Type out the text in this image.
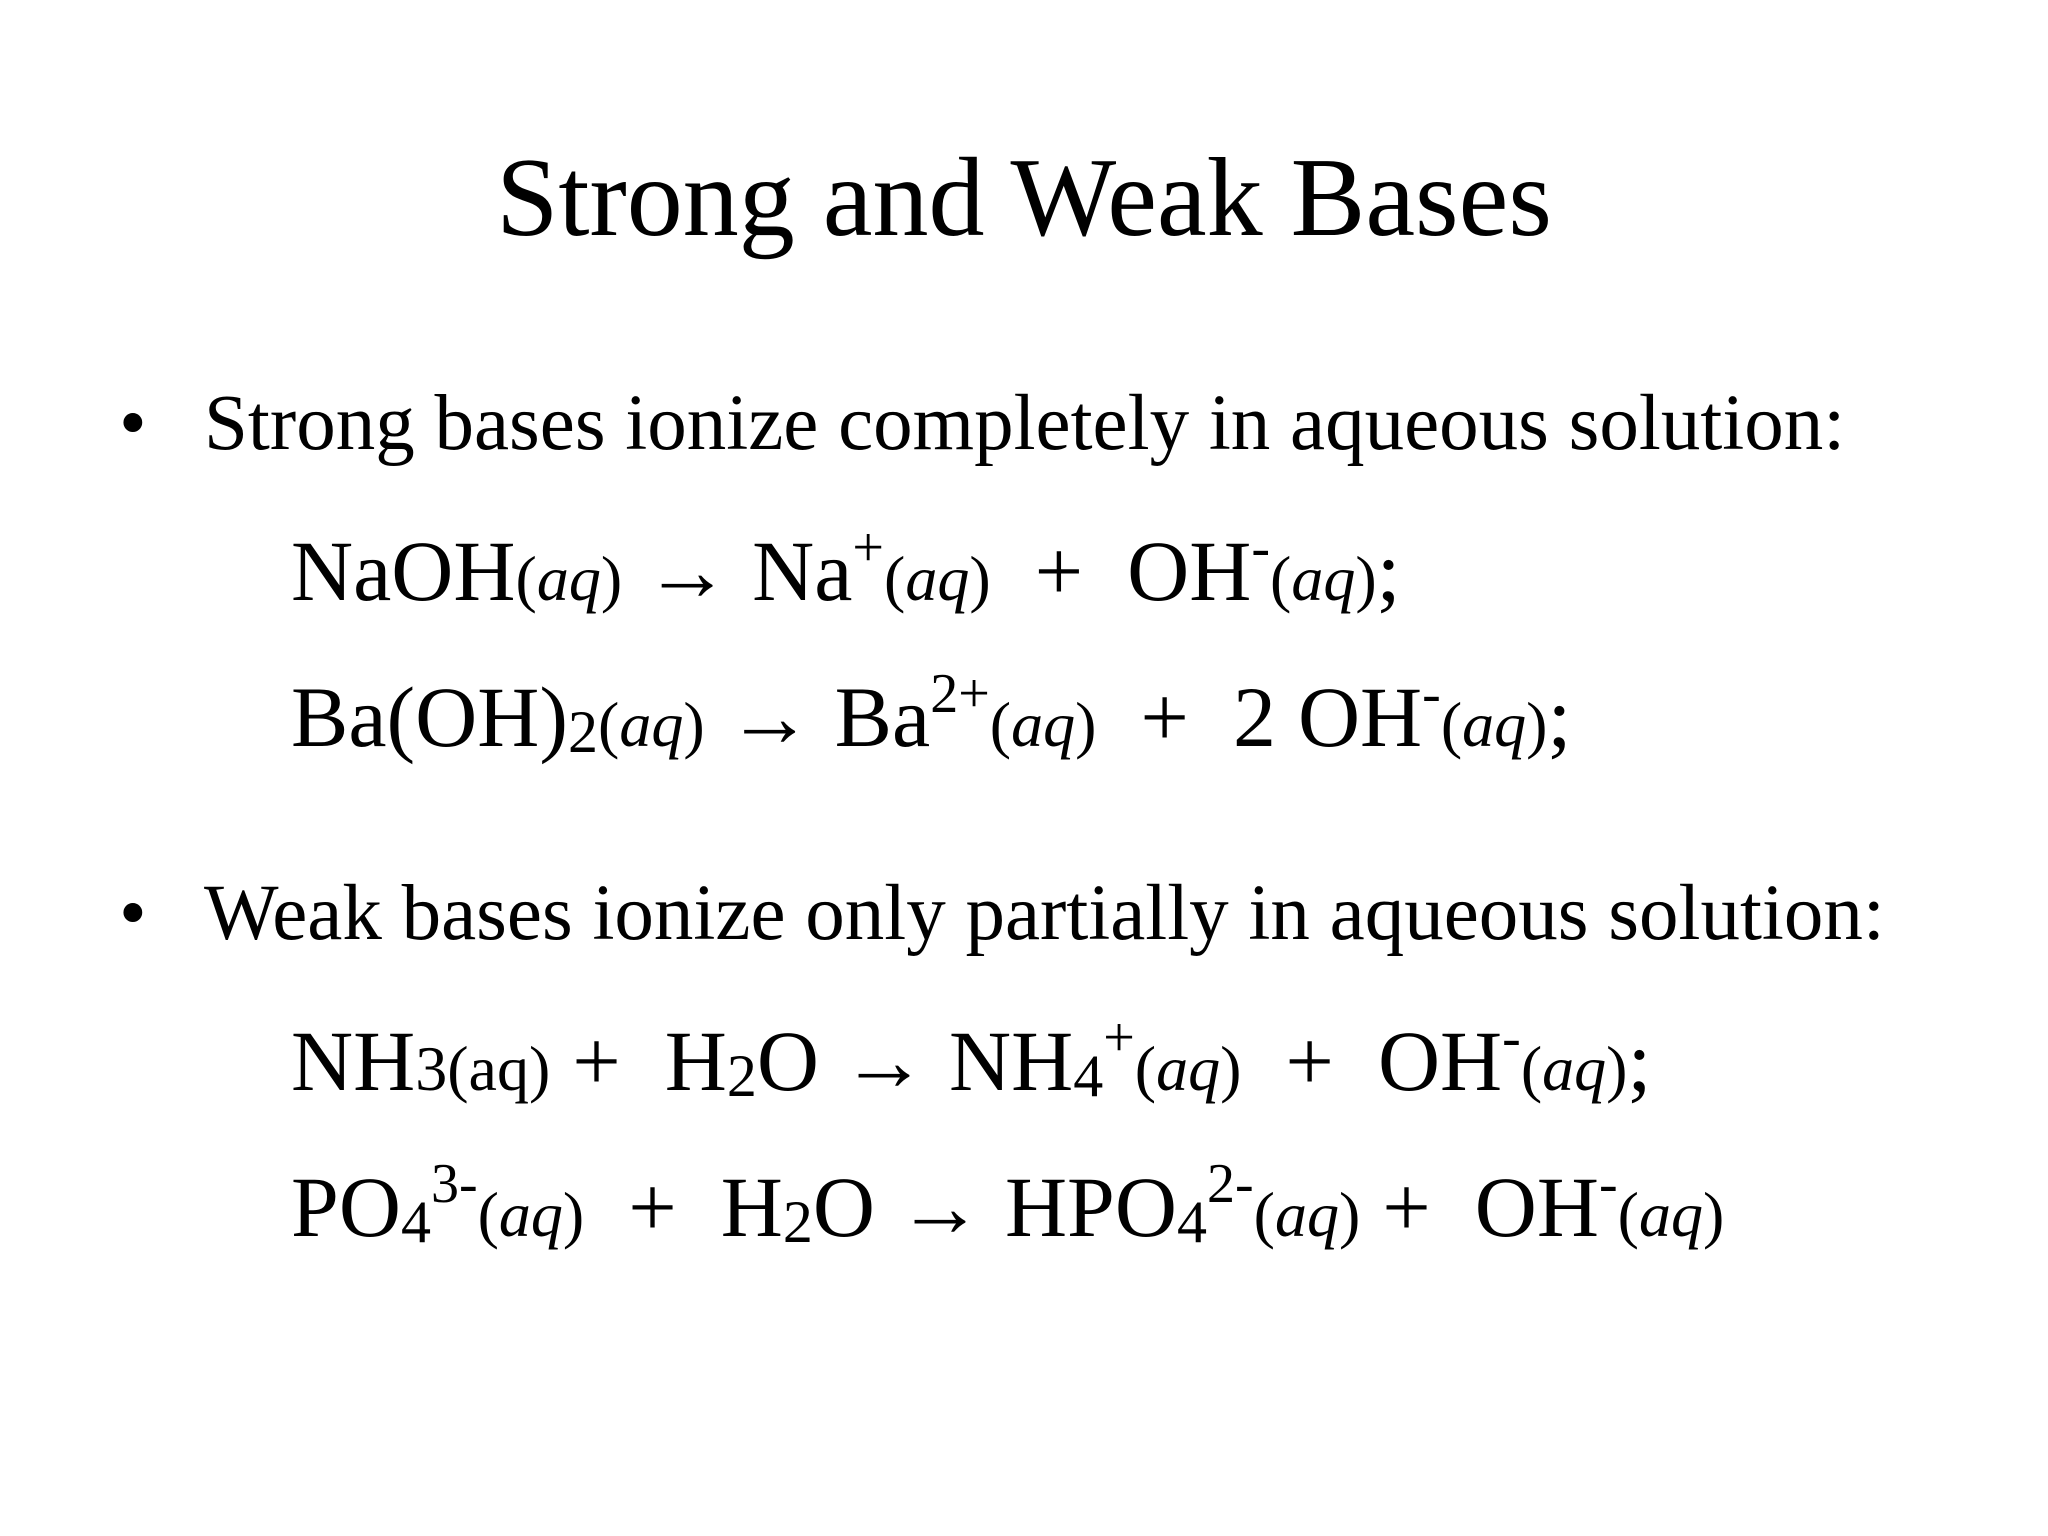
Strong and Weak Bases
• Strong bases ionize completely in aqueous solution:
NaOH(aq) → Na+(aq) + OH-(aq);
$Ba(OH)_2(aq) \to Ba^{2+}(aq) + 2$ OH-(aq);
• Weak bases ionize only partially in aqueous solution:
$NH3(aq) + H_2O \to NH_4^+(aq) + OH^-(aq)$;
$PO_4^{3-}(aq) + H_2O \to HPO_4^{2-}(aq) + OH^-(aq)$
